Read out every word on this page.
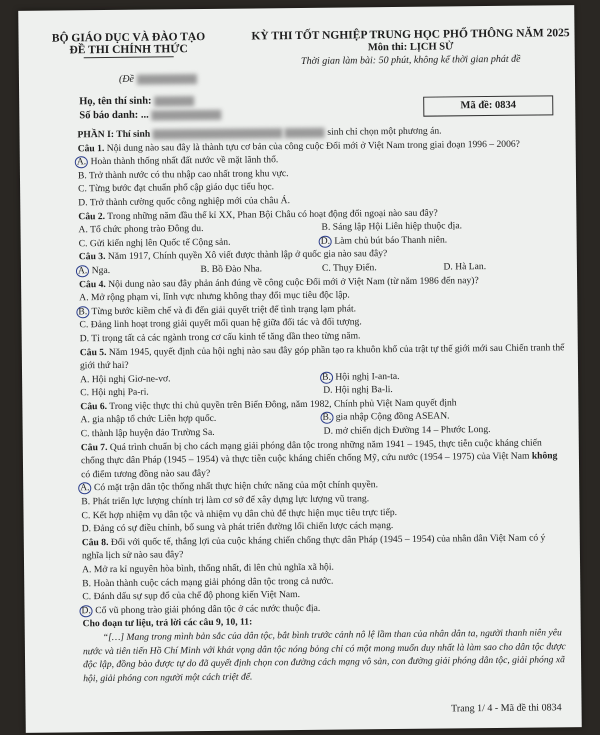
BỘ GIÁO DỤC VÀ ĐÀO TẠO
ĐỀ THI CHÍNH THỨC
(Đề
KỲ THI TỐT NGHIỆP TRUNG HỌC PHỔ THÔNG NĂM 2025
Môn thi: LỊCH SỬ
Thời gian làm bài: 50 phút, không kể thời gian phát đề
Họ, tên thí sinh:
Số báo danh: ...
Mã đề: 0834

PHẦN I: Thí sinh	sinh chỉ chọn một phương án.

Câu 1. Nội dung nào sau đây là thành tựu cơ bản của công cuộc Đổi mới ở Việt Nam trong giai đoạn 1996 – 2006?

A. Hoàn thành thống nhất đất nước về mặt lãnh thổ.

B. Trở thành nước có thu nhập cao nhất trong khu vực.

C. Từng bước đạt chuẩn phổ cập giáo dục tiểu học.

D. Trở thành cường quốc công nghiệp mới của châu Á.

Câu 2. Trong những năm đầu thế kỉ XX, Phan Bội Châu có hoạt động đối ngoại nào sau đây?

A. Tổ chức phong trào Đông du.	B. Sáng lập Hội Liên hiệp thuộc địa.
C. Gửi kiến nghị lên Quốc tế Cộng sản.	D. Làm chủ bút báo Thanh niên.

Câu 3. Năm 1917, Chính quyền Xô viết được thành lập ở quốc gia nào sau đây?

A. Nga.	B. Bồ Đào Nha.	C. Thụy Điển.	D. Hà Lan.

Câu 4. Nội dung nào sau đây phản ánh đúng về công cuộc Đổi mới ở Việt Nam (từ năm 1986 đến nay)?

A. Mở rộng phạm vi, lĩnh vực nhưng không thay đổi mục tiêu độc lập.

B. Từng bước kiềm chế và đi đến giải quyết triệt để tình trạng lạm phát.

C. Đảng linh hoạt trong giải quyết mối quan hệ giữa đối tác và đối tượng.

D. Tỉ trọng tất cả các ngành trong cơ cấu kinh tế tăng dần theo từng năm.

Câu 5. Năm 1945, quyết định của hội nghị nào sau đây góp phần tạo ra khuôn khổ của trật tự thế giới mới sau Chiến tranh thế giới thứ hai?

A. Hội nghị Giơ-ne-vơ.	B. Hội nghị I-an-ta.
C. Hội nghị Pa-ri.	D. Hội nghị Ba-li.

Câu 6. Trong việc thực thi chủ quyền trên Biển Đông, năm 1982, Chính phủ Việt Nam quyết định

A. gia nhập tổ chức Liên hợp quốc.	B. gia nhập Cộng đồng ASEAN.
C. thành lập huyện đảo Trường Sa.	D. mở chiến dịch Đường 14 – Phước Long.

Câu 7. Quá trình chuẩn bị cho cách mạng giải phóng dân tộc trong những năm 1941 – 1945, thực tiễn cuộc kháng chiến chống thực dân Pháp (1945 – 1954) và thực tiễn cuộc kháng chiến chống Mỹ, cứu nước (1954 – 1975) của Việt Nam không có điểm tương đồng nào sau đây?

A. Có mặt trận dân tộc thống nhất thực hiện chức năng của một chính quyền.

B. Phát triển lực lượng chính trị làm cơ sở để xây dựng lực lượng vũ trang.

C. Kết hợp nhiệm vụ dân tộc và nhiệm vụ dân chủ để thực hiện mục tiêu trực tiếp.

D. Đảng có sự điều chỉnh, bổ sung và phát triển đường lối chiến lược cách mạng.

Câu 8. Đối với quốc tế, thắng lợi của cuộc kháng chiến chống thực dân Pháp (1945 – 1954) của nhân dân Việt Nam có ý nghĩa lịch sử nào sau đây?

A. Mở ra kỉ nguyên hòa bình, thống nhất, đi lên chủ nghĩa xã hội.

B. Hoàn thành cuộc cách mạng giải phóng dân tộc trong cả nước.

C. Đánh dấu sự sụp đổ của chế độ phong kiến Việt Nam.

D. Cổ vũ phong trào giải phóng dân tộc ở các nước thuộc địa.

Cho đoạn tư liệu, trả lời các câu 9, 10, 11:

“[…] Mang trong mình bản sắc của dân tộc, bắt bình trước cảnh nô lệ lầm than của nhân dân ta, người thanh niên yêu nước và tiên tiến Hồ Chí Minh với khát vọng dân tộc nóng bỏng chỉ có một mong muốn duy nhất là làm sao cho dân tộc được độc lập, đồng bào được tự do đã quyết định chọn con đường cách mạng vô sản, con đường giải phóng dân tộc, giải phóng xã hội, giải phóng con người một cách triệt để.

Trang 1/ 4 - Mã đề thi 0834
